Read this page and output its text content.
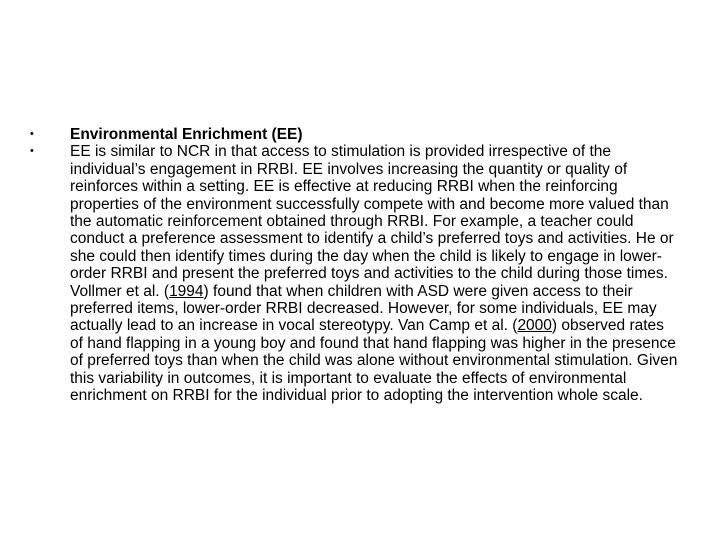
•	Environmental Enrichment (EE)
•	EE is similar to NCR in that access to stimulation is provided irrespective of the individual’s engagement in RRBI. EE involves increasing the quantity or quality of reinforces within a setting. EE is effective at reducing RRBI when the reinforcing properties of the environment successfully compete with and become more valued than the automatic reinforcement obtained through RRBI. For example, a teacher could conduct a preference assessment to identify a child’s preferred toys and activities. He or she could then identify times during the day when the child is likely to engage in lower-order RRBI and present the preferred toys and activities to the child during those times. Vollmer et al. (1994) found that when children with ASD were given access to their preferred items, lower-order RRBI decreased. However, for some individuals, EE may actually lead to an increase in vocal stereotypy. Van Camp et al. (2000) observed rates of hand flapping in a young boy and found that hand flapping was higher in the presence of preferred toys than when the child was alone without environmental stimulation. Given this variability in outcomes, it is important to evaluate the effects of environmental enrichment on RRBI for the individual prior to adopting the intervention whole scale.
